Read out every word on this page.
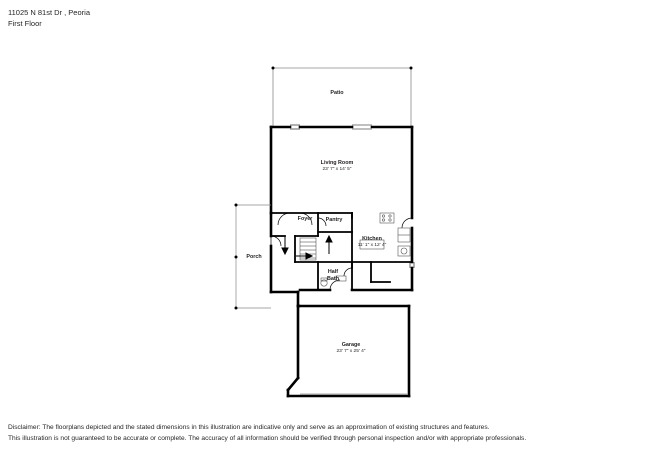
11025 N 81st Dr , Peoria
First Floor
Patio
Living Room
23' 7" x 14' 5"
Foyer Pantry
Kitchen
11' 1" x 12' 4"
Porch
Half
Bath
Garage
23' 7" x 25' 4"
Disclaimer: The floorplans depicted and the stated dimensions in this illustration are indicative only and serve as an approximation of existing structures and features.
This illustration is not guaranteed to be accurate or complete. The accuracy of all information should be verified through personal inspection and/or with appropriate professionals.
